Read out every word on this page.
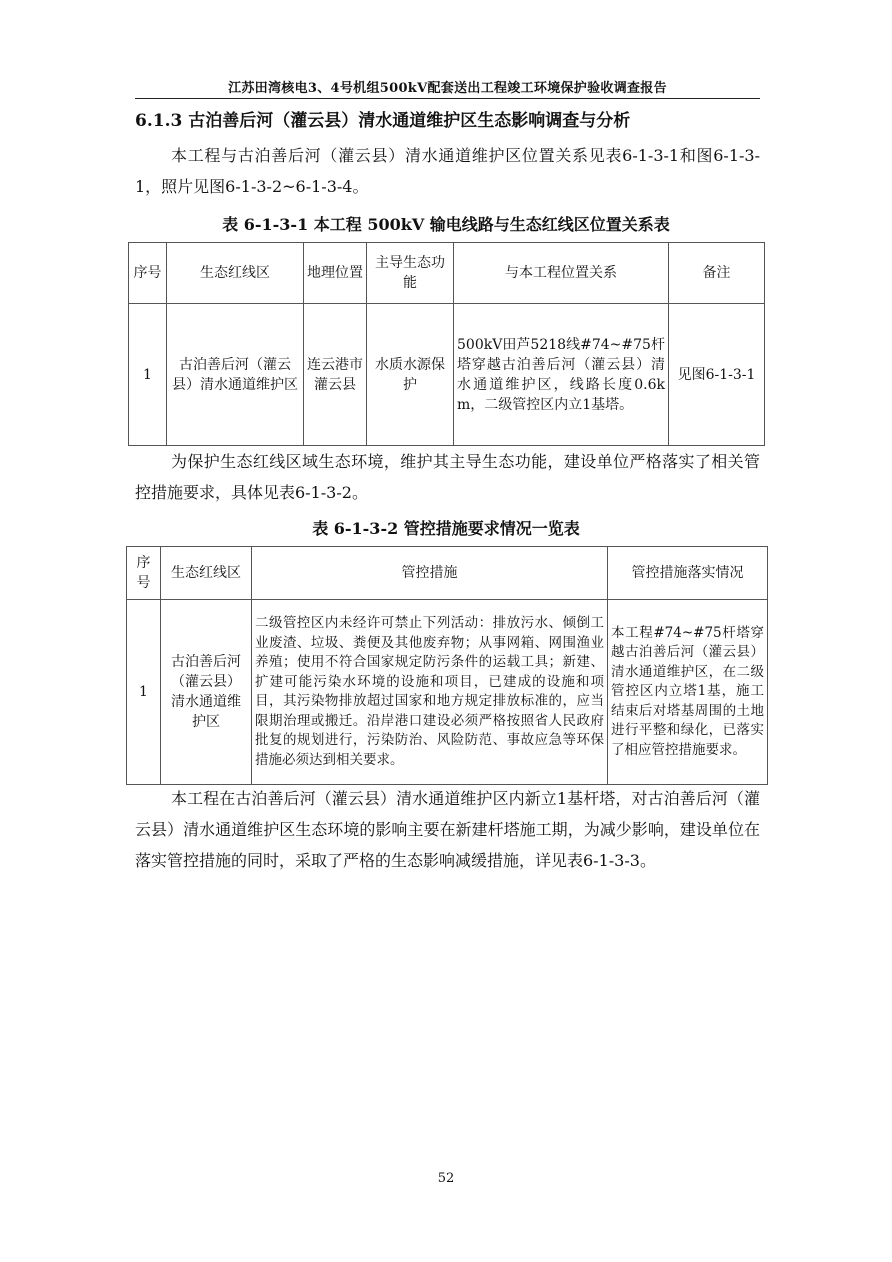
江苏田湾核电3、4号机组500kV配套送出工程竣工环境保护验收调查报告
6.1.3 古泊善后河（灌云县）清水通道维护区生态影响调查与分析

本工程与古泊善后河（灌云县）清水通道维护区位置关系见表6-1-3-1和图6-1-3-1，照片见图6-1-3-2~6-1-3-4。

表 6-1-3-1 本工程 500kV 输电线路与生态红线区位置关系表
序号	生态红线区	地理位置	主导生态功能	与本工程位置关系	备注
1	古泊善后河（灌云县）清水通道维护区	连云港市灌云县	水质水源保护	500kV田芦5218线#74~#75杆塔穿越古泊善后河（灌云县）清水通道维护区，线路长度0.6km，二级管控区内立1基塔。	见图6-1-3-1

为保护生态红线区域生态环境，维护其主导生态功能，建设单位严格落实了相关管控措施要求，具体见表6-1-3-2。

表 6-1-3-2 管控措施要求情况一览表
序号	生态红线区	管控措施	管控措施落实情况
1	古泊善后河（灌云县）清水通道维护区	二级管控区内未经许可禁止下列活动：排放污水、倾倒工业废渣、垃圾、粪便及其他废弃物；从事网箱、网围渔业养殖；使用不符合国家规定防污条件的运载工具；新建、扩建可能污染水环境的设施和项目，已建成的设施和项目，其污染物排放超过国家和地方规定排放标准的，应当限期治理或搬迁。沿岸港口建设必须严格按照省人民政府批复的规划进行，污染防治、风险防范、事故应急等环保措施必须达到相关要求。	本工程#74~#75杆塔穿越古泊善后河（灌云县）清水通道维护区，在二级管控区内立塔1基，施工结束后对塔基周围的土地进行平整和绿化，已落实了相应管控措施要求。

本工程在古泊善后河（灌云县）清水通道维护区内新立1基杆塔，对古泊善后河（灌云县）清水通道维护区生态环境的影响主要在新建杆塔施工期，为减少影响，建设单位在落实管控措施的同时，采取了严格的生态影响减缓措施，详见表6-1-3-3。

52
